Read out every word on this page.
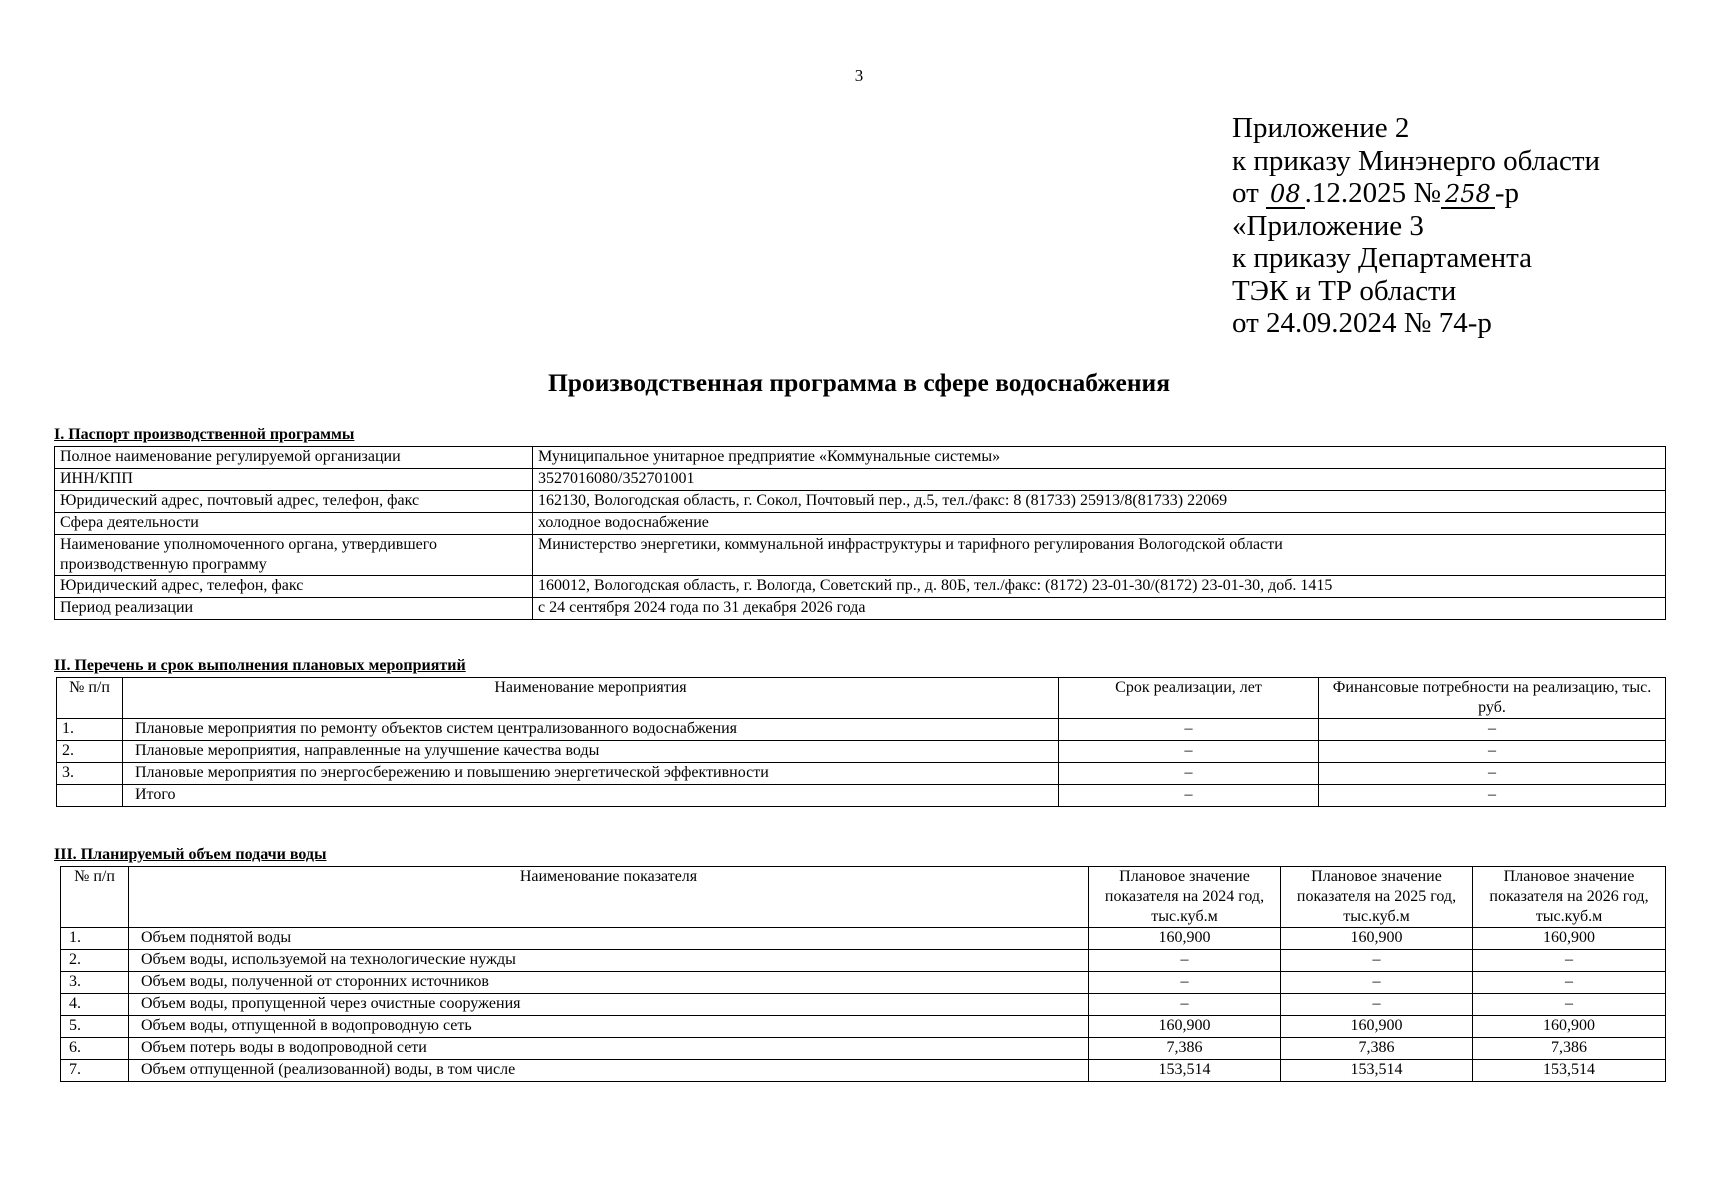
3
Приложение 2
к приказу Минэнерго области
от 08 .12.2025 № 258 -р
«Приложение 3
к приказу Департамента
ТЭК и ТР области
от 24.09.2024 № 74-р
Производственная программа в сфере водоснабжения
I. Паспорт производственной программы
Полное наименование регулируемой организации	Муниципальное унитарное предприятие «Коммунальные системы»
ИНН/КПП	3527016080/352701001
Юридический адрес, почтовый адрес, телефон, факс	162130, Вологодская область, г. Сокол, Почтовый пер., д.5, тел./факс: 8 (81733) 25913/8(81733) 22069
Сфера деятельности	холодное водоснабжение
Наименование уполномоченного органа, утвердившего производственную программу	Министерство энергетики, коммунальной инфраструктуры и тарифного регулирования Вологодской области
Юридический адрес, телефон, факс	160012, Вологодская область, г. Вологда, Советский пр., д. 80Б, тел./факс: (8172) 23-01-30/(8172) 23-01-30, доб. 1415
Период реализации	с 24 сентября 2024 года по 31 декабря 2026 года
II. Перечень и срок выполнения плановых мероприятий
№ п/п	Наименование мероприятия	Срок реализации, лет	Финансовые потребности на реализацию, тыс. руб.
1.	Плановые мероприятия по ремонту объектов систем централизованного водоснабжения	–	–
2.	Плановые мероприятия, направленные на улучшение качества воды	–	–
3.	Плановые мероприятия по энергосбережению и повышению энергетической эффективности	–	–
	Итого	–	–
III. Планируемый объем подачи воды
№ п/п	Наименование показателя	Плановое значение показателя на 2024 год, тыс.куб.м	Плановое значение показателя на 2025 год, тыс.куб.м	Плановое значение показателя на 2026 год, тыс.куб.м
1.	Объем поднятой воды	160,900	160,900	160,900
2.	Объем воды, используемой на технологические нужды	–	–	–
3.	Объем воды, полученной от сторонних источников	–	–	–
4.	Объем воды, пропущенной через очистные сооружения	–	–	–
5.	Объем воды, отпущенной в водопроводную сеть	160,900	160,900	160,900
6.	Объем потерь воды в водопроводной сети	7,386	7,386	7,386
7.	Объем отпущенной (реализованной) воды, в том числе	153,514	153,514	153,514
